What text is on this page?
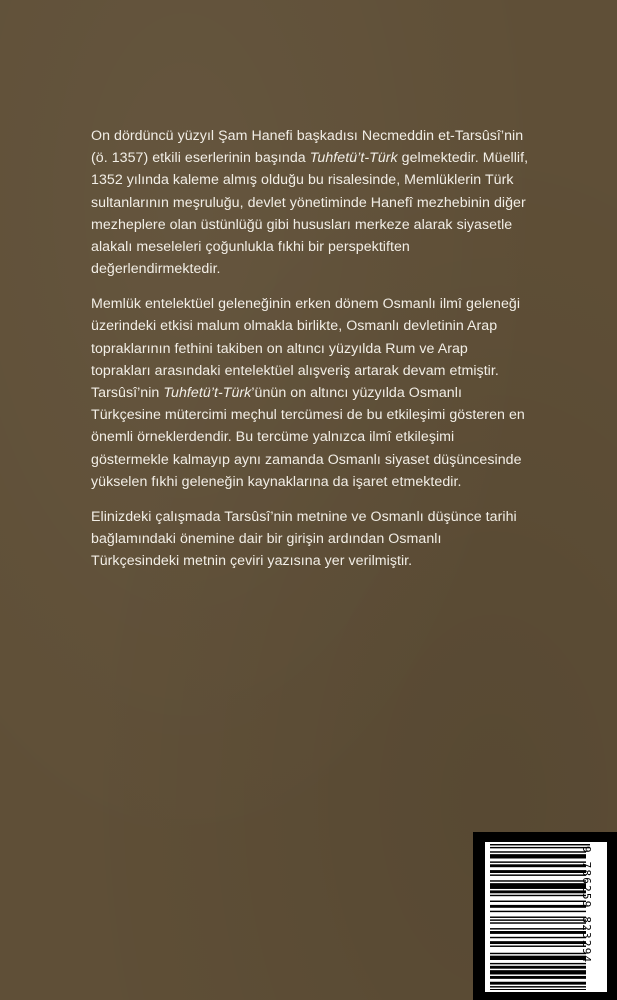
On dördüncü yüzyıl Şam Hanefi başkadısı Necmeddin et-Tarsûsî’nin (ö. 1357) etkili eserlerinin başında Tuhfetü’t-Türk gelmektedir. Müellif, 1352 yılında kaleme almış olduğu bu risalesinde, Memlüklerin Türk sultanlarının meşruluğu, devlet yönetiminde Hanefî mezhebinin diğer mezheplere olan üstünlüğü gibi hususları merkeze alarak siyasetle alakalı meseleleri çoğunlukla fıkhi bir perspektiften değerlendirmektedir.

Memlük entelektüel geleneğinin erken dönem Osmanlı ilmî geleneği üzerindeki etkisi malum olmakla birlikte, Osmanlı devletinin Arap topraklarının fethini takiben on altıncı yüzyılda Rum ve Arap toprakları arasındaki entelektüel alışveriş artarak devam etmiştir. Tarsûsî’nin Tuhfetü’t-Türk’ünün on altıncı yüzyılda Osmanlı Türkçesine mütercimi meçhul tercümesi de bu etkileşimi gösteren en önemli örneklerdendir. Bu tercüme yalnızca ilmî etkileşimi göstermekle kalmayıp aynı zamanda Osmanlı siyaset düşüncesinde yükselen fıkhi geleneğin kaynaklarına da işaret etmektedir.

Elinizdeki çalışmada Tarsûsî’nin metnine ve Osmanlı düşünce tarihi bağlamındaki önemine dair bir girişin ardından Osmanlı Türkçesindeki metnin çeviri yazısına yer verilmiştir.

9 786259 823294
